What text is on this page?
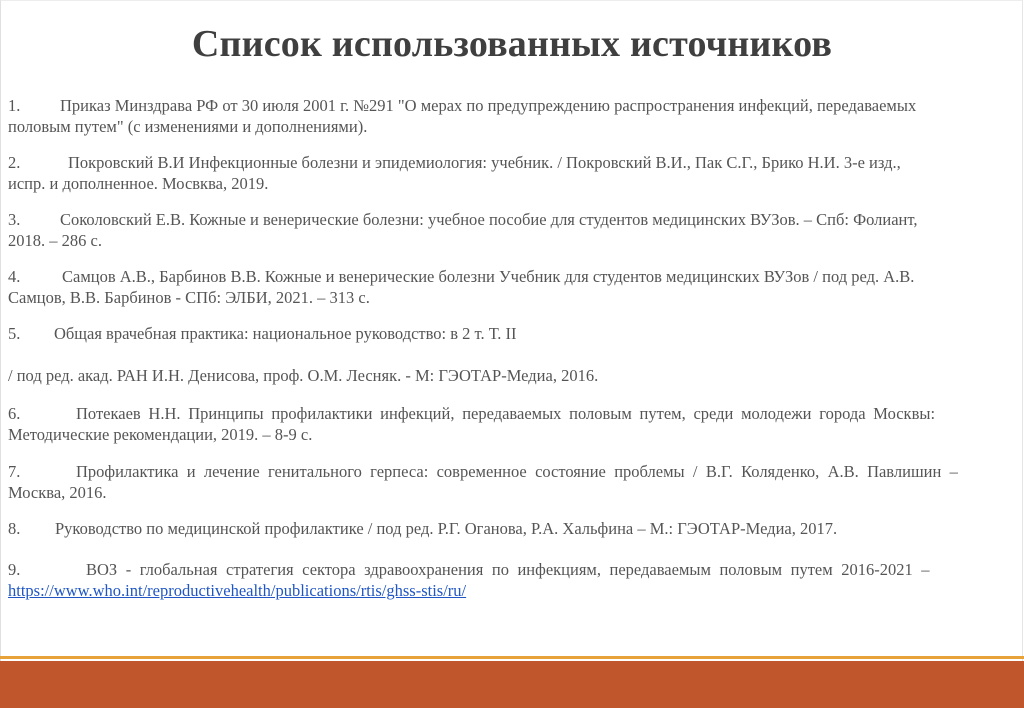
Список использованных источников
1. Приказ Минздрава РФ от 30 июля 2001 г. №291 "О мерах по предупреждению распространения инфекций, передаваемых
половым путем" (с изменениями и дополнениями).
2.	Покровский В.И Инфекционные болезни и эпидемиология: учебник. / Покровский В.И., Пак С.Г., Брико Н.И. 3-е изд.,
испр. и дополненное. Мосвква, 2019.
3. Соколовский Е.В. Кожные и венерические болезни: учебное пособие для студентов медицинских ВУЗов. – Спб: Фолиант,
2018. – 286 с.
4.	Самцов А.В., Барбинов В.В. Кожные и венерические болезни Учебник для студентов медицинских ВУЗов / под ред. А.В.
Самцов, В.В. Барбинов - СПб: ЭЛБИ, 2021. – 313 с.
5. Общая врачебная практика: национальное руководство: в 2 т. Т. II
/ под ред. акад. РАН И.Н. Денисова, проф. О.М. Лесняк. - М: ГЭОТАР-Медиа, 2016.
6.	Потекаев Н.Н. Принципы профилактики инфекций, передаваемых половым путем, среди молодежи города Москвы:
Методические рекомендации, 2019. – 8-9 с.
7.	Профилактика и лечение генитального герпеса: современное состояние проблемы / В.Г. Коляденко, А.В. Павлишин –
Москва, 2016.
8. Руководство по медицинской профилактике / под ред. Р.Г. Оганова, Р.А. Хальфина – М.: ГЭОТАР-Медиа, 2017.
9.	ВОЗ - глобальная стратегия сектора здравоохранения по инфекциям, передаваемым половым путем 2016-2021 –
https://www.who.int/reproductivehealth/publications/rtis/ghss-stis/ru/
